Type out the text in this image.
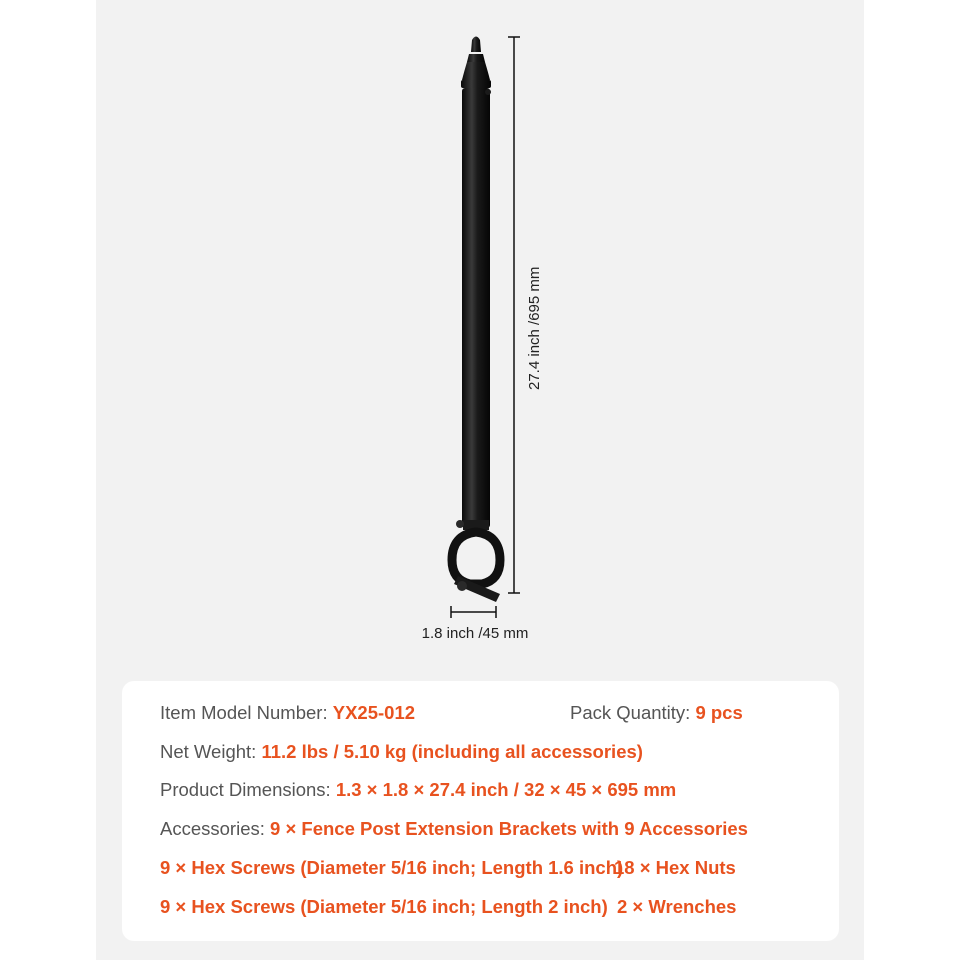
27.4 inch /695 mm
1.8 inch /45 mm
Item Model Number: YX25-012	Pack Quantity: 9 pcs
Net Weight: 11.2 lbs / 5.10 kg (including all accessories)
Product Dimensions: 1.3 × 1.8 × 27.4 inch / 32 × 45 × 695 mm
Accessories: 9 × Fence Post Extension Brackets with 9 Accessories
9 × Hex Screws (Diameter 5/16 inch; Length 1.6 inch)
18 × Hex Nuts
9 × Hex Screws (Diameter 5/16 inch; Length 2 inch) 2 × Wrenches
